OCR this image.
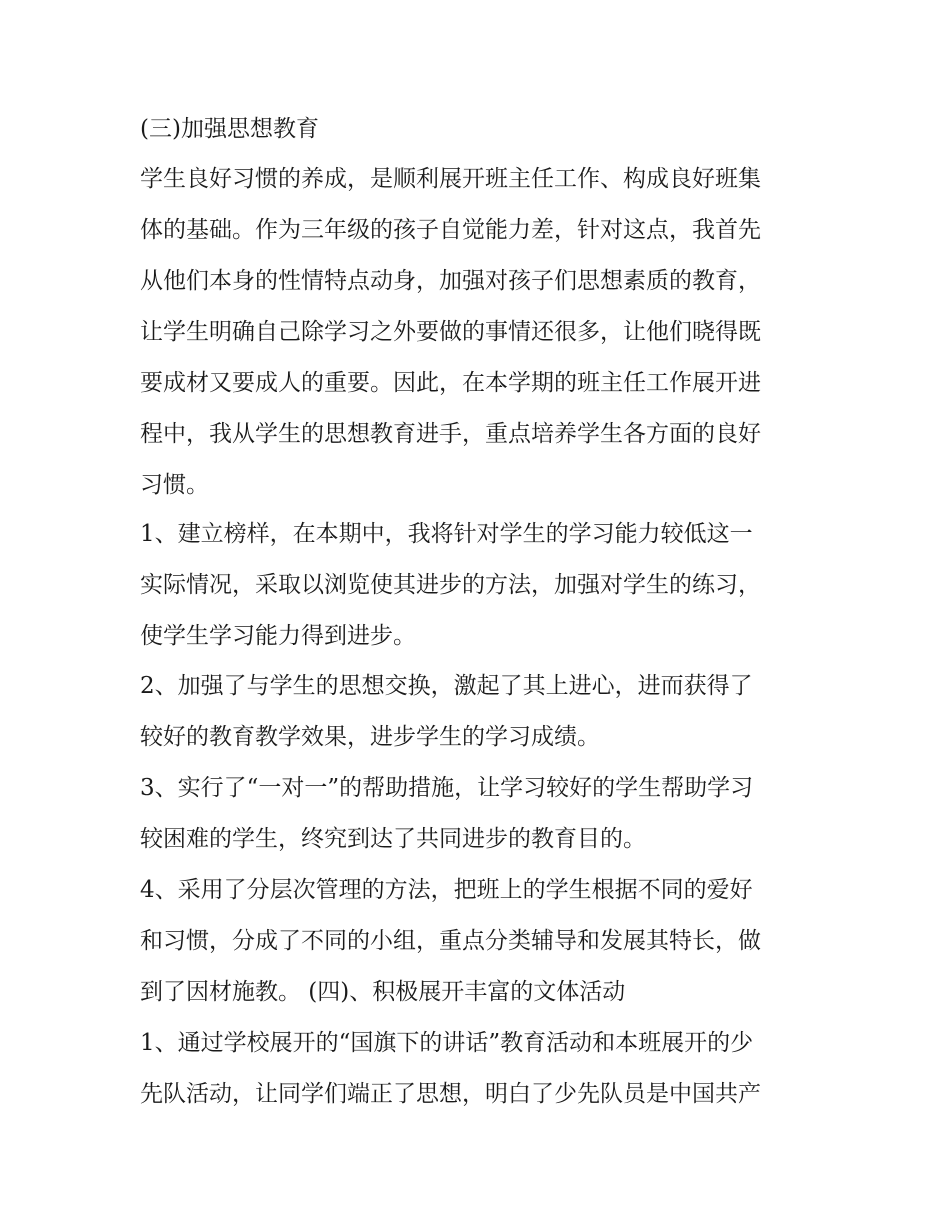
(三)加强思想教育
学生良好习惯的养成，是顺利展开班主任工作、构成良好班集
体的基础。作为三年级的孩子自觉能力差，针对这点，我首先
从他们本身的性情特点动身，加强对孩子们思想素质的教育，
让学生明确自己除学习之外要做的事情还很多，让他们晓得既
要成材又要成人的重要。因此，在本学期的班主任工作展开进
程中，我从学生的思想教育进手，重点培养学生各方面的良好
习惯。
1、建立榜样，在本期中，我将针对学生的学习能力较低这一
实际情况，采取以浏览使其进步的方法，加强对学生的练习，
使学生学习能力得到进步。
2、加强了与学生的思想交换，激起了其上进心，进而获得了
较好的教育教学效果，进步学生的学习成绩。
3、实行了“一对一”的帮助措施，让学习较好的学生帮助学习
较困难的学生，终究到达了共同进步的教育目的。
4、采用了分层次管理的方法，把班上的学生根据不同的爱好
和习惯，分成了不同的小组，重点分类辅导和发展其特长，做
到了因材施教。 (四)、积极展开丰富的文体活动
1、通过学校展开的“国旗下的讲话”教育活动和本班展开的少
先队活动，让同学们端正了思想，明白了少先队员是中国共产
